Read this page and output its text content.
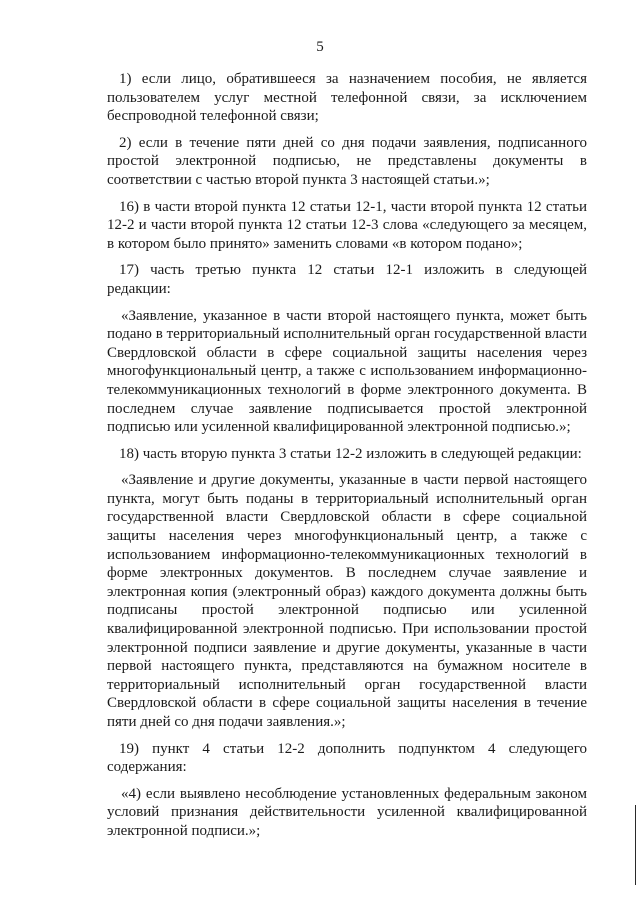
5

1) если лицо, обратившееся за назначением пособия, не является пользователем услуг местной телефонной связи, за исключением беспроводной телефонной связи;

2) если в течение пяти дней со дня подачи заявления, подписанного простой электронной подписью, не представлены документы в соответствии с частью второй пункта 3 настоящей статьи.»;

16) в части второй пункта 12 статьи 12-1, части второй пункта 12 статьи 12-2 и части второй пункта 12 статьи 12-3 слова «следующего за месяцем, в котором было принято» заменить словами «в котором подано»;

17) часть третью пункта 12 статьи 12-1 изложить в следующей редакции:

«Заявление, указанное в части второй настоящего пункта, может быть подано в территориальный исполнительный орган государственной власти Свердловской области в сфере социальной защиты населения через многофункциональный центр, а также с использованием информационно-телекоммуникационных технологий в форме электронного документа. В последнем случае заявление подписывается простой электронной подписью или усиленной квалифицированной электронной подписью.»;

18) часть вторую пункта 3 статьи 12-2 изложить в следующей редакции:

«Заявление и другие документы, указанные в части первой настоящего пункта, могут быть поданы в территориальный исполнительный орган государственной власти Свердловской области в сфере социальной защиты населения через многофункциональный центр, а также с использованием информационно-телекоммуникационных технологий в форме электронных документов. В последнем случае заявление и электронная копия (электронный образ) каждого документа должны быть подписаны простой электронной подписью или усиленной квалифицированной электронной подписью. При использовании простой электронной подписи заявление и другие документы, указанные в части первой настоящего пункта, представляются на бумажном носителе в территориальный исполнительный орган государственной власти Свердловской области в сфере социальной защиты населения в течение пяти дней со дня подачи заявления.»;

19) пункт 4 статьи 12-2 дополнить подпунктом 4 следующего содержания:

«4) если выявлено несоблюдение установленных федеральным законом условий признания действительности усиленной квалифицированной электронной подписи.»;
